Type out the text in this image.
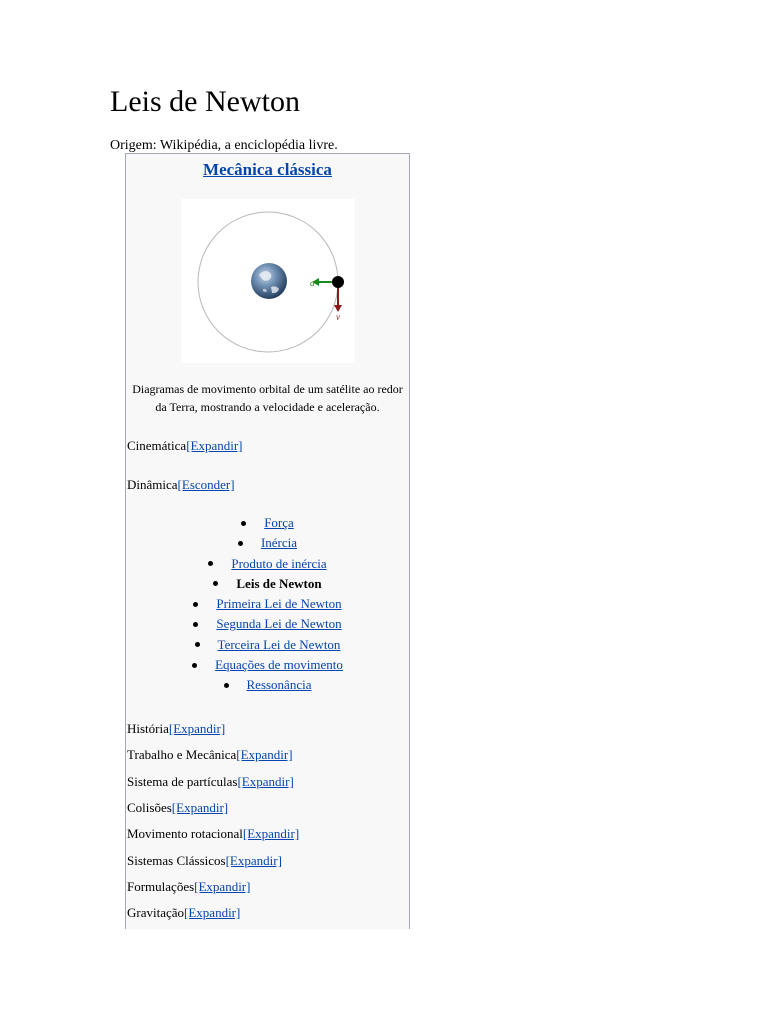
Leis de Newton
Origem: Wikipédia, a enciclopédia livre.
Mecânica clássica
a
v
Diagramas de movimento orbital de um satélite ao redor da Terra, mostrando a velocidade e aceleração.
Cinemática[Expandir]
Dinâmica[Esconder]
Força
Inércia
Produto de inércia
Leis de Newton
Primeira Lei de Newton
Segunda Lei de Newton
Terceira Lei de Newton
Equações de movimento
Ressonância
História[Expandir]
Trabalho e Mecânica[Expandir]
Sistema de partículas[Expandir]
Colisões[Expandir]
Movimento rotacional[Expandir]
Sistemas Clássicos[Expandir]
Formulações[Expandir]
Gravitação[Expandir]
